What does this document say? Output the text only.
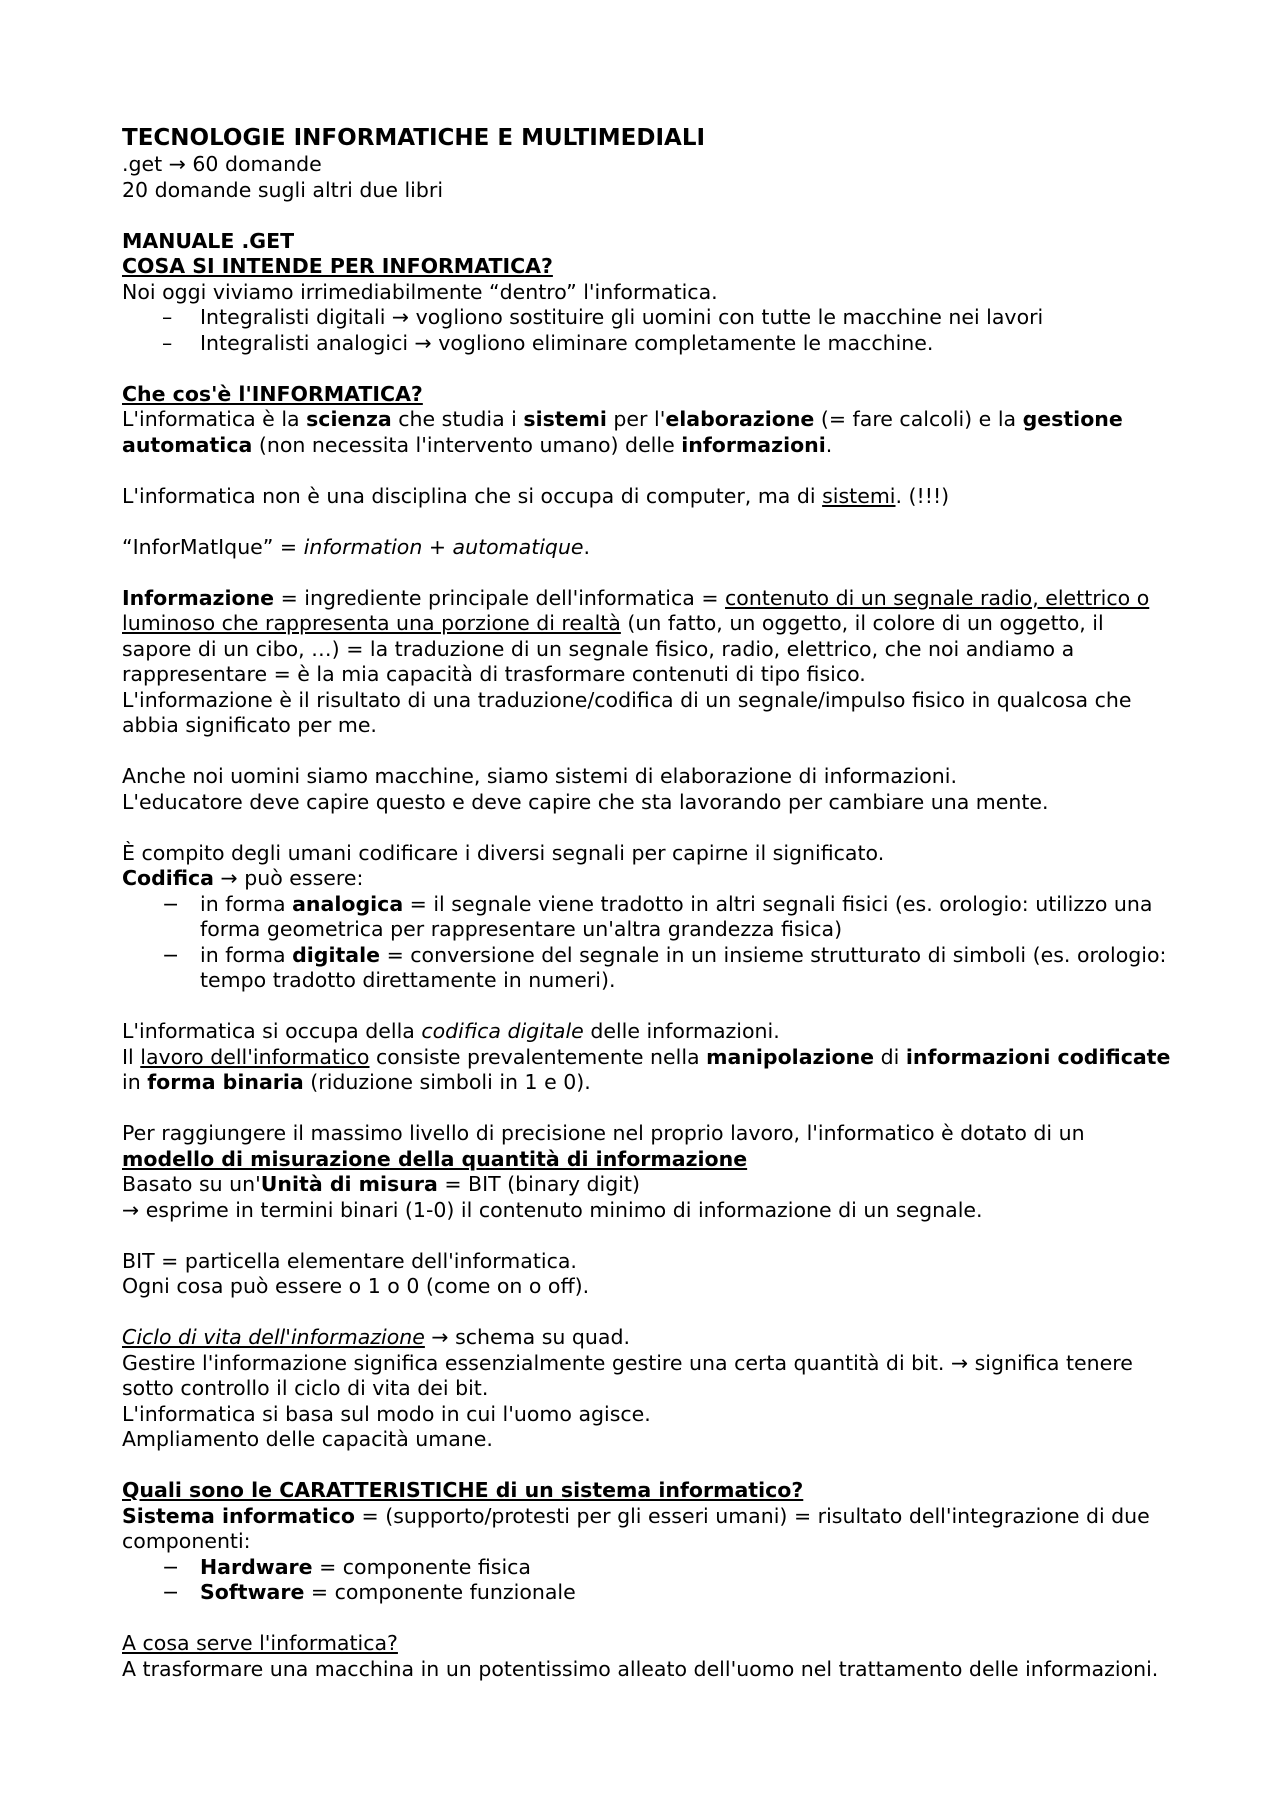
TECNOLOGIE INFORMATICHE E MULTIMEDIALI

.get → 60 domande

20 domande sugli altri due libri

MANUALE .GET

COSA SI INTENDE PER INFORMATICA?

Noi oggi viviamo irrimediabilmente “dentro” l'informatica.

– Integralisti digitali → vogliono sostituire gli uomini con tutte le macchine nei lavori
– Integralisti analogici → vogliono eliminare completamente le macchine.

Che cos'è l'INFORMATICA?

L'informatica è la scienza che studia i sistemi per l'elaborazione (= fare calcoli) e la gestione automatica (non necessita l'intervento umano) delle informazioni.

L'informatica non è una disciplina che si occupa di computer, ma di sistemi. (!!!)

“InforMatIque” = information + automatique.

Informazione = ingrediente principale dell'informatica = contenuto di un segnale radio, elettrico o luminoso che rappresenta una porzione di realtà (un fatto, un oggetto, il colore di un oggetto, il sapore di un cibo, …) = la traduzione di un segnale fisico, radio, elettrico, che noi andiamo a rappresentare = è la mia capacità di trasformare contenuti di tipo fisico.

L'informazione è il risultato di una traduzione/codifica di un segnale/impulso fisico in qualcosa che abbia significato per me.

Anche noi uomini siamo macchine, siamo sistemi di elaborazione di informazioni.

L'educatore deve capire questo e deve capire che sta lavorando per cambiare una mente.

È compito degli umani codificare i diversi segnali per capirne il significato.

Codifica → può essere:

− in forma analogica = il segnale viene tradotto in altri segnali fisici (es. orologio: utilizzo una forma geometrica per rappresentare un'altra grandezza fisica)
− in forma digitale = conversione del segnale in un insieme strutturato di simboli (es. orologio: tempo tradotto direttamente in numeri).

L'informatica si occupa della codifica digitale delle informazioni.

Il lavoro dell'informatico consiste prevalentemente nella manipolazione di informazioni codificate in forma binaria (riduzione simboli in 1 e 0).

Per raggiungere il massimo livello di precisione nel proprio lavoro, l'informatico è dotato di un

modello di misurazione della quantità di informazione

Basato su un'Unità di misura = BIT (binary digit)

→ esprime in termini binari (1-0) il contenuto minimo di informazione di un segnale.

BIT = particella elementare dell'informatica.

Ogni cosa può essere o 1 o 0 (come on o off).

Ciclo di vita dell'informazione → schema su quad.

Gestire l'informazione significa essenzialmente gestire una certa quantità di bit. → significa tenere sotto controllo il ciclo di vita dei bit.

L'informatica si basa sul modo in cui l'uomo agisce.

Ampliamento delle capacità umane.

Quali sono le CARATTERISTICHE di un sistema informatico?

Sistema informatico = (supporto/protesti per gli esseri umani) = risultato dell'integrazione di due componenti:

− Hardware = componente fisica
− Software = componente funzionale

A cosa serve l'informatica?

A trasformare una macchina in un potentissimo alleato dell'uomo nel trattamento delle informazioni.
